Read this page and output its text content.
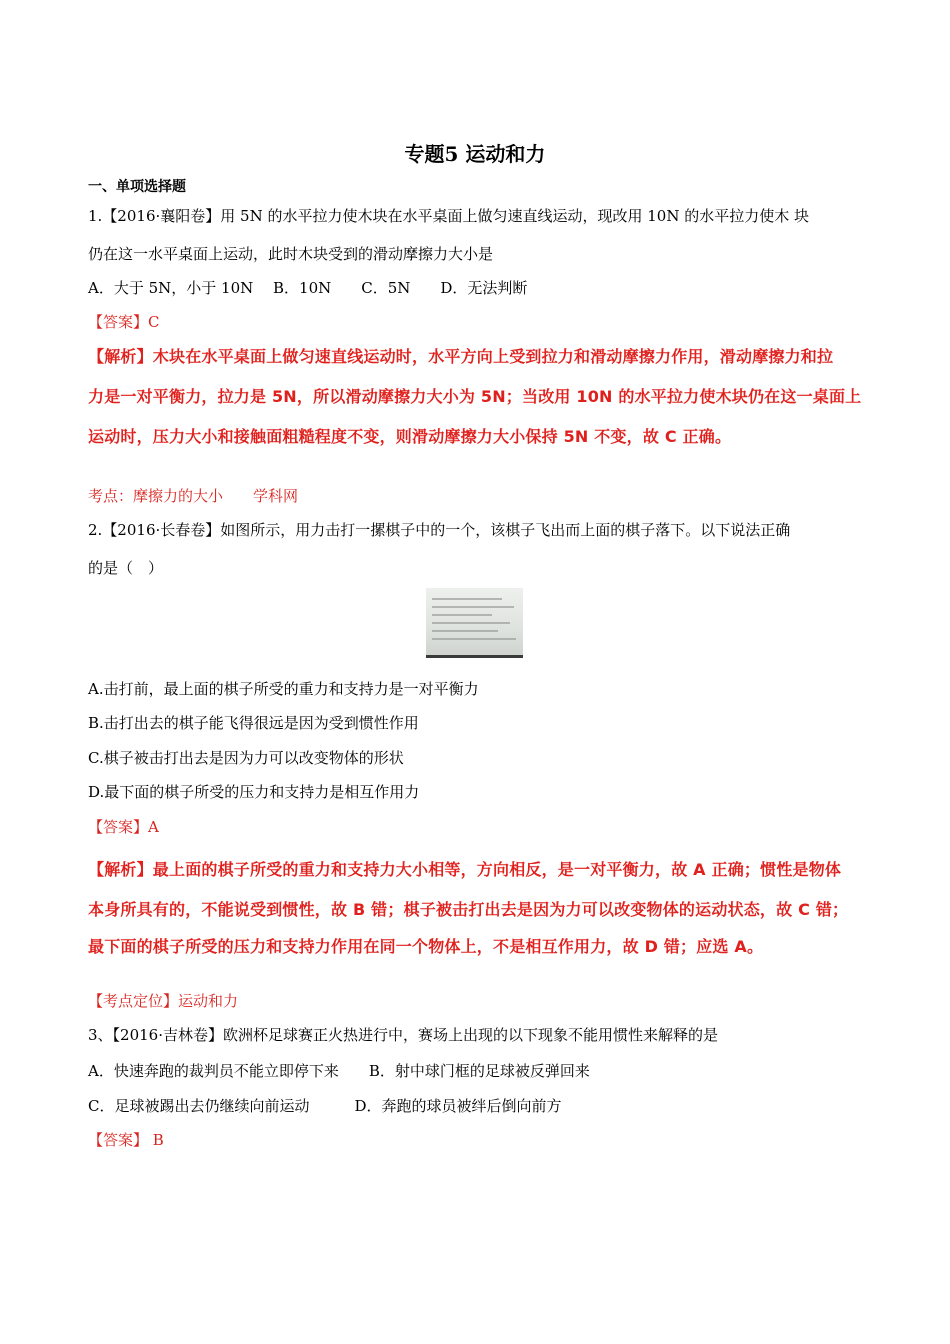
专题5 运动和力
一、单项选择题
1.【2016·襄阳卷】用 5N 的水平拉力使木块在水平桌面上做匀速直线运动，现改用 10N 的水平拉力使木 块
仍在这一水平桌面上运动，此时木块受到的滑动摩擦力大小是
A．大于 5N，小于 10N　 B．10N　　C．5N　　D．无法判断
【答案】C
【解析】木块在水平桌面上做匀速直线运动时，水平方向上受到拉力和滑动摩擦力作用，滑动摩擦力和拉
力是一对平衡力，拉力是 5N，所以滑动摩擦力大小为 5N；当改用 10N 的水平拉力使木块仍在这一桌面上
运动时，压力大小和接触面粗糙程度不变，则滑动摩擦力大小保持 5N 不变，故 C 正确。
考点：摩擦力的大小　　学科网
2.【2016·长春卷】如图所示，用力击打一摞棋子中的一个，该棋子飞出而上面的棋子落下。以下说法正确
的是（　）
A.击打前，最上面的棋子所受的重力和支持力是一对平衡力
B.击打出去的棋子能飞得很远是因为受到惯性作用
C.棋子被击打出去是因为力可以改变物体的形状
D.最下面的棋子所受的压力和支持力是相互作用力
【答案】A
【解析】最上面的棋子所受的重力和支持力大小相等，方向相反，是一对平衡力，故 A 正确；惯性是物体
本身所具有的，不能说受到惯性，故 B 错；棋子被击打出去是因为力可以改变物体的运动状态，故 C 错；
最下面的棋子所受的压力和支持力作用在同一个物体上，不是相互作用力，故 D 错；应选 A。
【考点定位】运动和力
3、【2016·吉林卷】欧洲杯足球赛正火热进行中，赛场上出现的以下现象不能用惯性来解释的是
A．快速奔跑的裁判员不能立即停下来　　B．射中球门框的足球被反弹回来
C．足球被踢出去仍继续向前运动　　　D．奔跑的球员被绊后倒向前方
【答案】 B
